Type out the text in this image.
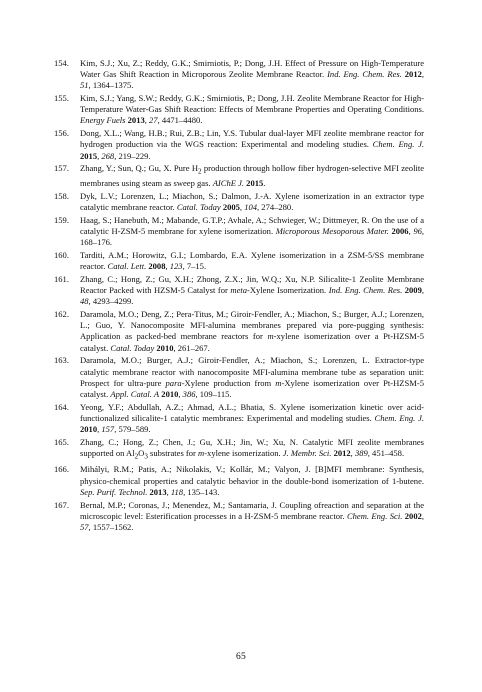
154.	Kim, S.J.; Xu, Z.; Reddy, G.K.; Smirniotis, P.; Dong, J.H. Effect of Pressure on High-Temperature Water Gas Shift Reaction in Microporous Zeolite Membrane Reactor. Ind. Eng. Chem. Res. 2012, 51, 1364–1375.
155.	Kim, S.J.; Yang, S.W.; Reddy, G.K.; Smirniotis, P.; Dong, J.H. Zeolite Membrane Reactor for High-Temperature Water-Gas Shift Reaction: Effects of Membrane Properties and Operating Conditions. Energy Fuels 2013, 27, 4471–4480.
156.	Dong, X.L.; Wang, H.B.; Rui, Z.B.; Lin, Y.S. Tubular dual-layer MFI zeolite membrane reactor for hydrogen production via the WGS reaction: Experimental and modeling studies. Chem. Eng. J. 2015, 268, 219–229.
157.	Zhang, Y.; Sun, Q.; Gu, X. Pure $H_2$ production through hollow fiber hydrogen-selective MFI zeolite membranes using steam as sweep gas. AIChE J. 2015.
158.	Dyk, L.V.; Lorenzen, L.; Miachon, S.; Dalmon, J.-A. Xylene isomerization in an extractor type catalytic membrane reactor. Catal. Today 2005, 104, 274–280.
159.	Haag, S.; Hanebuth, M.; Mabande, G.T.P.; Avhale, A.; Schwieger, W.; Dittmeyer, R. On the use of a catalytic H-ZSM-5 membrane for xylene isomerization. Microporous Mesoporous Mater. 2006, 96, 168–176.
160.	Tarditi, A.M.; Horowitz, G.I.; Lombardo, E.A. Xylene isomerization in a ZSM-5/SS membrane reactor. Catal. Lett. 2008, 123, 7–15.
161.	Zhang, C.; Hong, Z.; Gu, X.H.; Zhong, Z.X.; Jin, W.Q.; Xu, N.P. Silicalite-1 Zeolite Membrane Reactor Packed with HZSM-5 Catalyst for meta-Xylene Isomerization. Ind. Eng. Chem. Res. 2009, 48, 4293–4299.
162.	Daramola, M.O.; Deng, Z.; Pera-Titus, M.; Giroir-Fendler, A.; Miachon, S.; Burger, A.J.; Lorenzen, L.; Guo, Y. Nanocomposite MFI-alumina membranes prepared via pore-pugging synthesis: Application as packed-bed membrane reactors for m-xylene isomerization over a Pt-HZSM-5 catalyst. Catal. Today 2010, 261–267.
163.	Daramola, M.O.; Burger, A.J.; Giroir-Fendler, A.; Miachon, S.; Lorenzen, L. Extractor-type catalytic membrane reactor with nanocomposite MFI-alumina membrane tube as separation unit: Prospect for ultra-pure para-Xylene production from m-Xylene isomerization over Pt-HZSM-5 catalyst. Appl. Catal. A 2010, 386, 109–115.
164.	Yeong, Y.F.; Abdullah, A.Z.; Ahmad, A.L.; Bhatia, S. Xylene isomerization kinetic over acid-functionalized silicalite-1 catalytic membranes: Experimental and modeling studies. Chem. Eng. J. 2010, 157, 579–589.
165.	Zhang, C.; Hong, Z.; Chen, J.; Gu, X.H.; Jin, W.; Xu, N. Catalytic MFI zeolite membranes supported on $Al_2O_3$ substrates for m-xylene isomerization. J. Membr. Sci. 2012, 389, 451–458.
166.	Mihályi, R.M.; Patis, A.; Nikolakis, V.; Kollár, M.; Valyon, J. [B]MFI membrane: Synthesis, physico-chemical properties and catalytic behavior in the double-bond isomerization of 1-butene. Sep. Purif. Technol. 2013, 118, 135–143.
167.	Bernal, M.P.; Coronas, J.; Menendez, M.; Santamaria, J. Coupling ofreaction and separation at the microscopic level: Esterification processes in a H-ZSM-5 membrane reactor. Chem. Eng. Sci. 2002, 57, 1557–1562.
65
